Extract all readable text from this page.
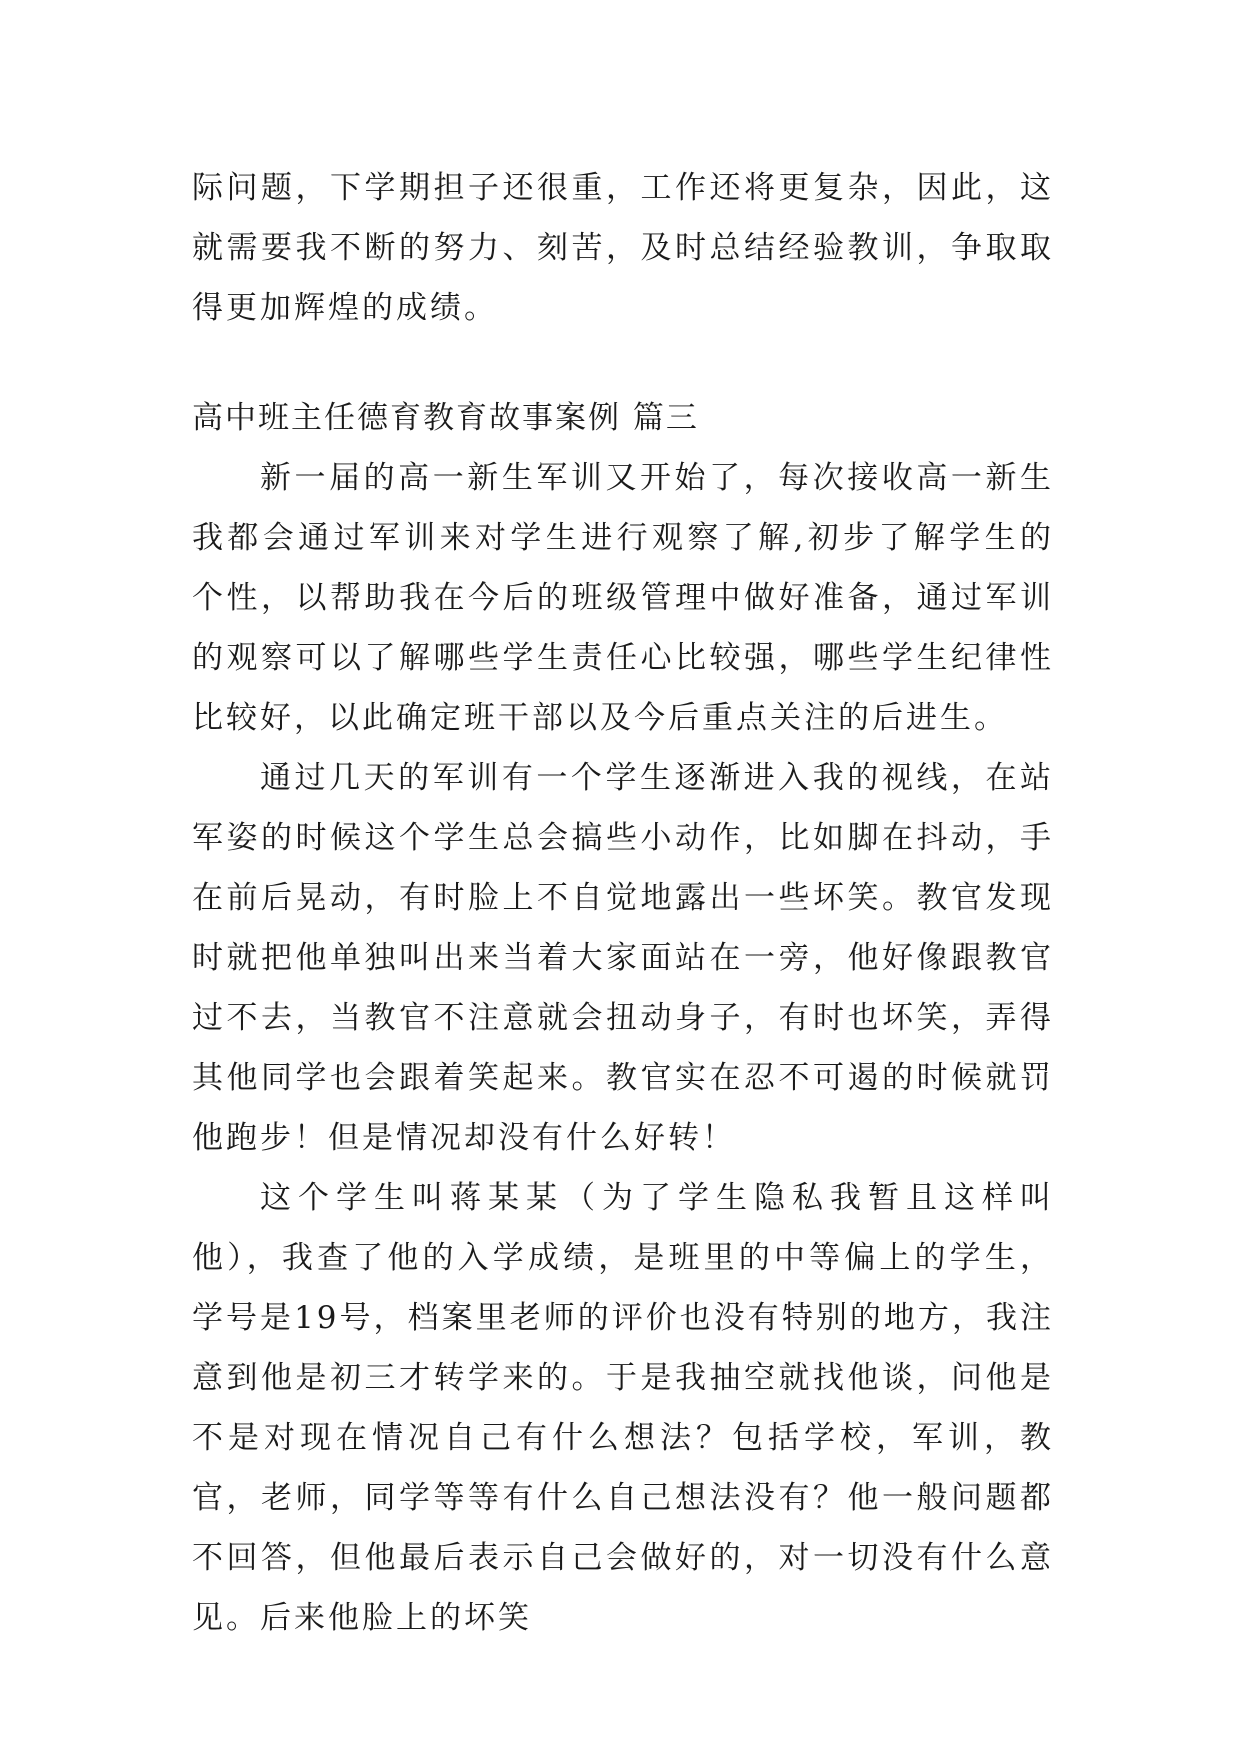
际问题，下学期担子还很重，工作还将更复杂，因此，这就需要我不断的努力、刻苦，及时总结经验教训，争取取得更加辉煌的成绩。

高中班主任德育教育故事案例 篇三

新一届的高一新生军训又开始了，每次接收高一新生我都会通过军训来对学生进行观察了解,初步了解学生的个性，以帮助我在今后的班级管理中做好准备，通过军训的观察可以了解哪些学生责任心比较强，哪些学生纪律性比较好，以此确定班干部以及今后重点关注的后进生。

通过几天的军训有一个学生逐渐进入我的视线，在站军姿的时候这个学生总会搞些小动作，比如脚在抖动，手在前后晃动，有时脸上不自觉地露出一些坏笑。教官发现时就把他单独叫出来当着大家面站在一旁，他好像跟教官过不去，当教官不注意就会扭动身子，有时也坏笑，弄得其他同学也会跟着笑起来。教官实在忍不可遏的时候就罚他跑步！但是情况却没有什么好转！

这个学生叫蒋某某（为了学生隐私我暂且这样叫他），我查了他的入学成绩，是班里的中等偏上的学生，学号是19号，档案里老师的评价也没有特别的地方，我注意到他是初三才转学来的。于是我抽空就找他谈，问他是不是对现在情况自己有什么想法？包括学校，军训，教官，老师，同学等等有什么自己想法没有？他一般问题都不回答，但他最后表示自己会做好的，对一切没有什么意见。后来他脸上的坏笑
